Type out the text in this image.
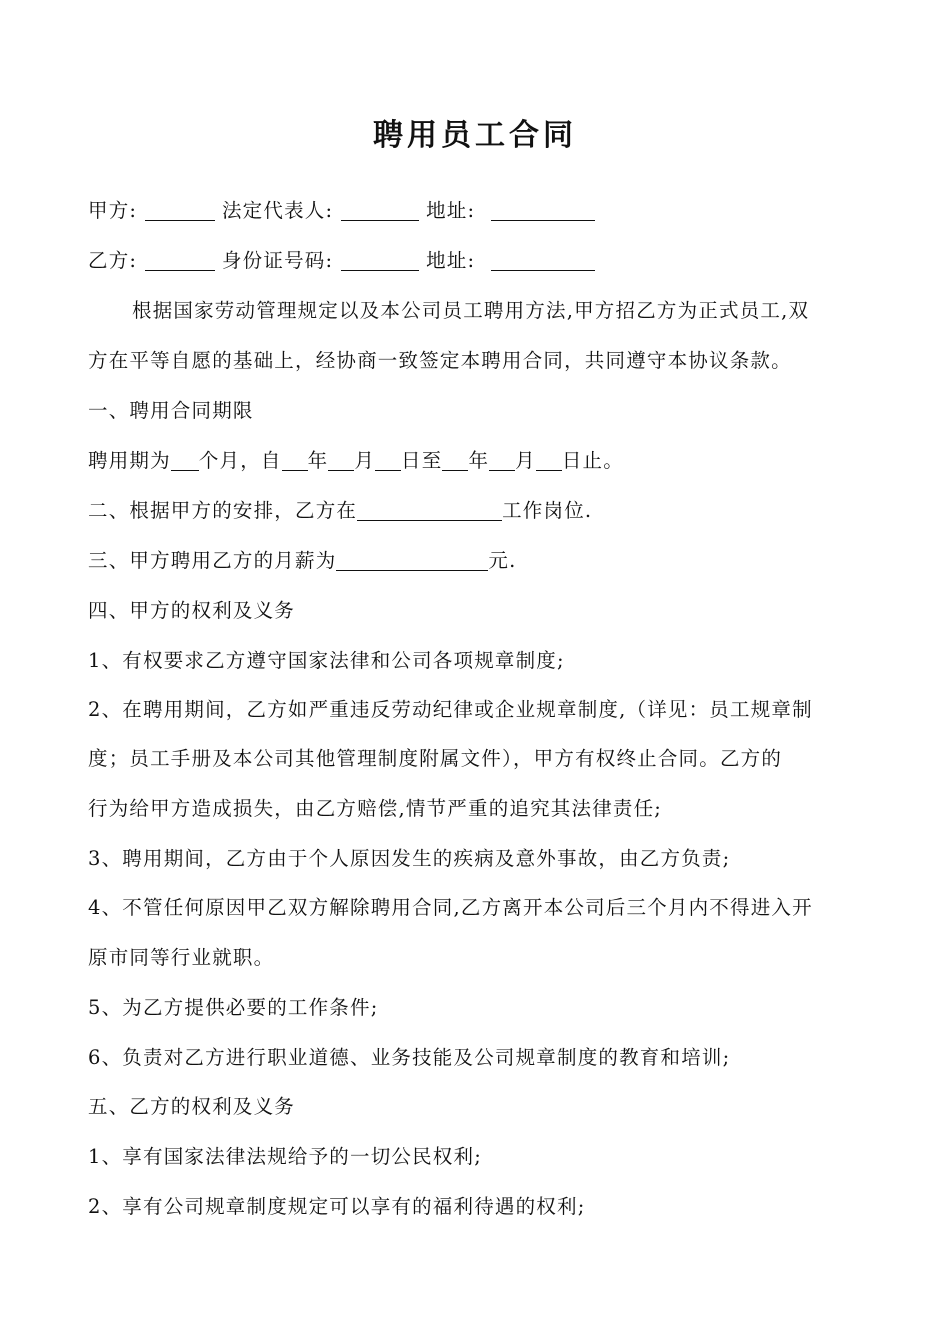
聘用员工合同
甲方:	法定代表人:	地址:
乙方:	身份证号码:	地址:
根据国家劳动管理规定以及本公司员工聘用方法,甲方招乙方为正式员工,双
方在平等自愿的基础上，经协商一致签定本聘用合同，共同遵守本协议条款。
一、聘用合同期限
聘用期为 个月，自 年 月 日至 年 月 日止。
二、根据甲方的安排，乙方在	工作岗位.
三、甲方聘用乙方的月薪为	元.
四、甲方的权利及义务
1、有权要求乙方遵守国家法律和公司各项规章制度;
2、在聘用期间，乙方如严重违反劳动纪律或企业规章制度,（详见：员工规章制
度；员工手册及本公司其他管理制度附属文件），甲方有权终止合同。乙方的
行为给甲方造成损失，由乙方赔偿,情节严重的追究其法律责任;
3、聘用期间，乙方由于个人原因发生的疾病及意外事故，由乙方负责;
4、不管任何原因甲乙双方解除聘用合同,乙方离开本公司后三个月内不得进入开
原市同等行业就职。
5、为乙方提供必要的工作条件;
6、负责对乙方进行职业道德、业务技能及公司规章制度的教育和培训;
五、乙方的权利及义务
1、享有国家法律法规给予的一切公民权利;
2、享有公司规章制度规定可以享有的福利待遇的权利;
